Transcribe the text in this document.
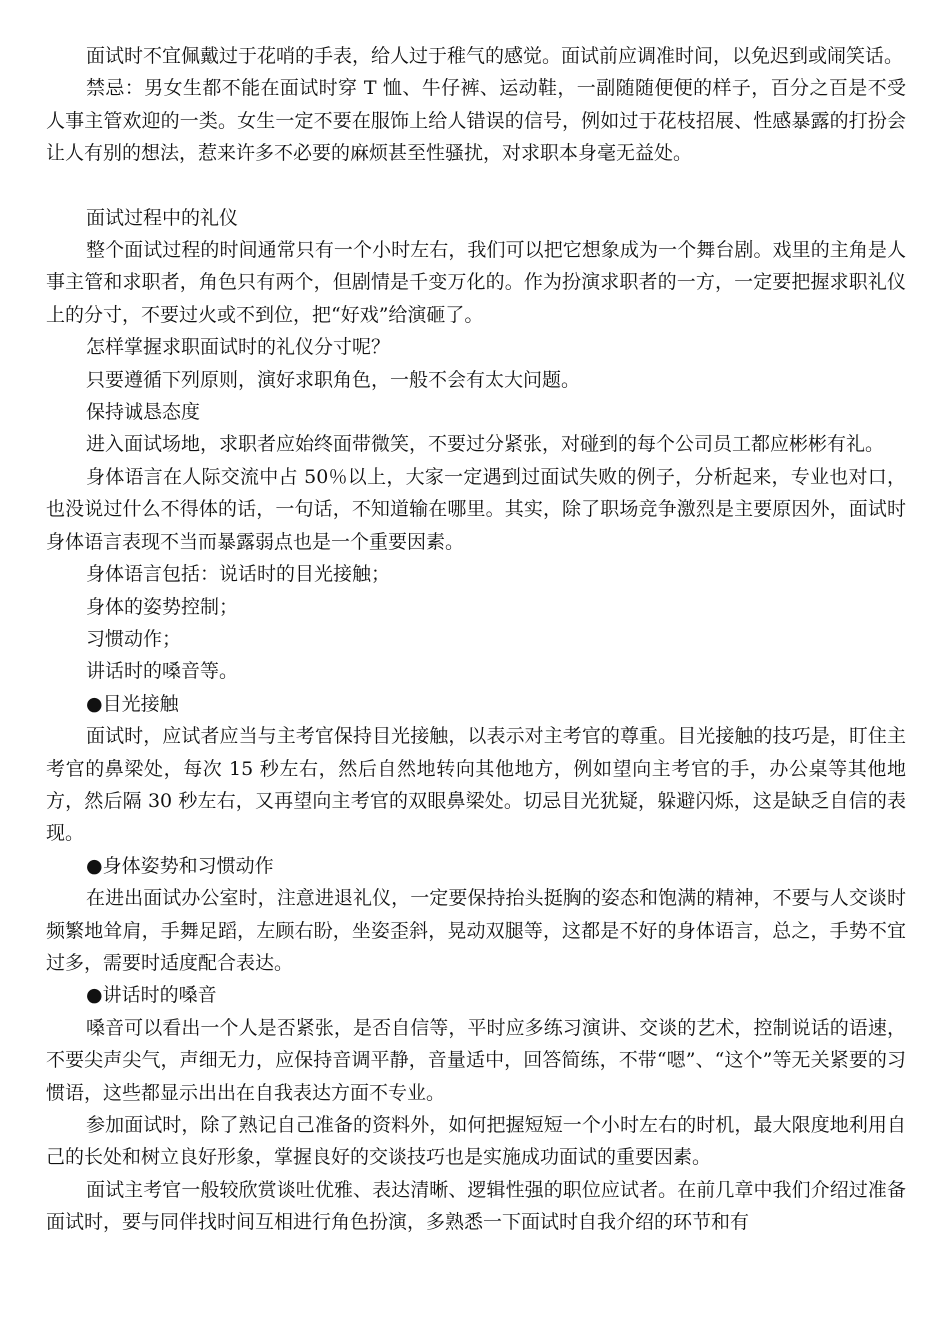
面试时不宜佩戴过于花哨的手表，给人过于稚气的感觉。面试前应调准时间，以免迟到或闹笑话。

禁忌：男女生都不能在面试时穿 T 恤、牛仔裤、运动鞋，一副随随便便的样子，百分之百是不受人事主管欢迎的一类。女生一定不要在服饰上给人错误的信号，例如过于花枝招展、性感暴露的打扮会让人有别的想法，惹来许多不必要的麻烦甚至性骚扰，对求职本身毫无益处。

面试过程中的礼仪

整个面试过程的时间通常只有一个小时左右，我们可以把它想象成为一个舞台剧。戏里的主角是人事主管和求职者，角色只有两个，但剧情是千变万化的。作为扮演求职者的一方，一定要把握求职礼仪上的分寸，不要过火或不到位，把“好戏”给演砸了。

怎样掌握求职面试时的礼仪分寸呢？

只要遵循下列原则，演好求职角色，一般不会有太大问题。

保持诚恳态度

进入面试场地，求职者应始终面带微笑，不要过分紧张，对碰到的每个公司员工都应彬彬有礼。

身体语言在人际交流中占 50％以上，大家一定遇到过面试失败的例子，分析起来，专业也对口，也没说过什么不得体的话，一句话，不知道输在哪里。其实，除了职场竞争激烈是主要原因外，面试时身体语言表现不当而暴露弱点也是一个重要因素。

身体语言包括：说话时的目光接触；

身体的姿势控制；

习惯动作；

讲话时的嗓音等。

●目光接触

面试时，应试者应当与主考官保持目光接触，以表示对主考官的尊重。目光接触的技巧是，盯住主考官的鼻梁处，每次 15 秒左右，然后自然地转向其他地方，例如望向主考官的手，办公桌等其他地方，然后隔 30 秒左右，又再望向主考官的双眼鼻梁处。切忌目光犹疑，躲避闪烁，这是缺乏自信的表现。

●身体姿势和习惯动作

在进出面试办公室时，注意进退礼仪，一定要保持抬头挺胸的姿态和饱满的精神，不要与人交谈时频繁地耸肩，手舞足蹈，左顾右盼，坐姿歪斜，晃动双腿等，这都是不好的身体语言，总之，手势不宜过多，需要时适度配合表达。

●讲话时的嗓音

嗓音可以看出一个人是否紧张，是否自信等，平时应多练习演讲、交谈的艺术，控制说话的语速，不要尖声尖气，声细无力，应保持音调平静，音量适中，回答简练，不带“嗯”、“这个”等无关紧要的习惯语，这些都显示出出在自我表达方面不专业。

参加面试时，除了熟记自己准备的资料外，如何把握短短一个小时左右的时机，最大限度地利用自己的长处和树立良好形象，掌握良好的交谈技巧也是实施成功面试的重要因素。

面试主考官一般较欣赏谈吐优雅、表达清晰、逻辑性强的职位应试者。在前几章中我们介绍过准备面试时，要与同伴找时间互相进行角色扮演，多熟悉一下面试时自我介绍的环节和有
